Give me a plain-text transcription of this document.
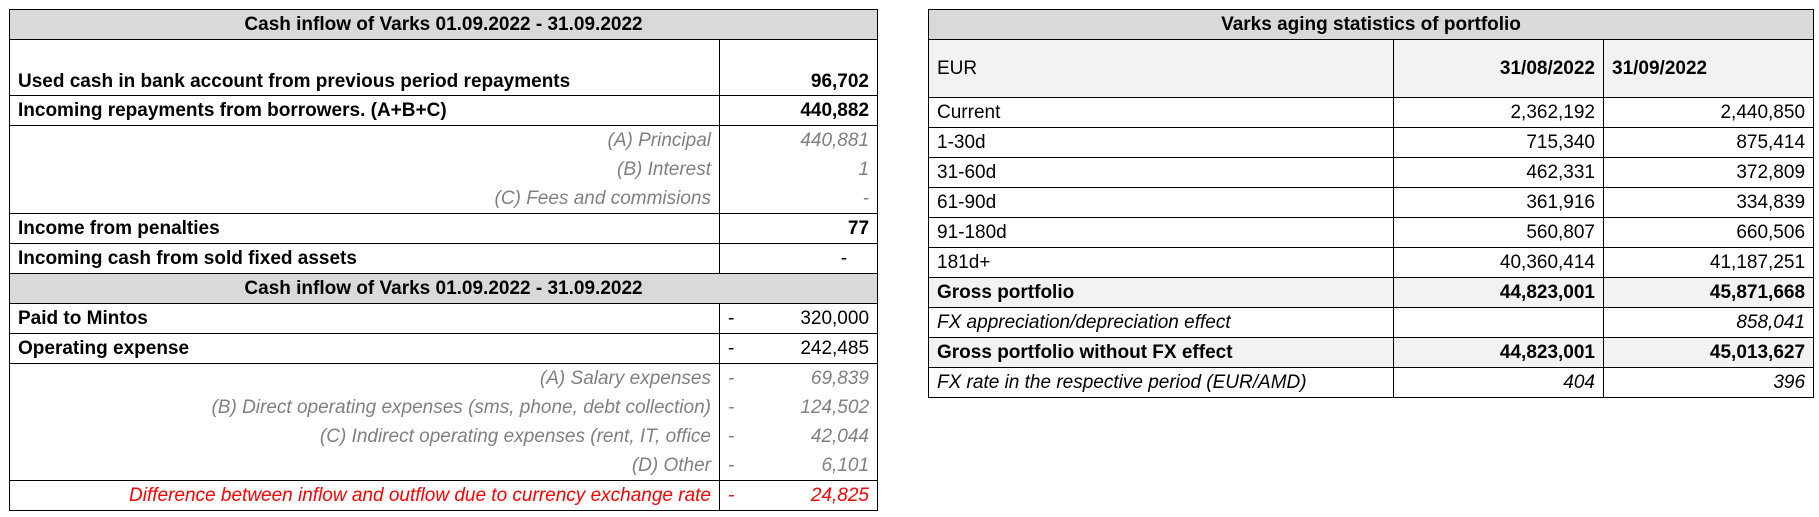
Cash inflow of Varks 01.09.2022 - 31.09.2022		
Used cash in bank account from previous period repayments	96,702	
Incoming repayments from borrowers. (A+B+C)	440,882	
(A) Principal	440,881	
(B) Interest	1	
(C) Fees and commisions	-	
Income from penalties	77	
Incoming cash from sold fixed assets	-	
Cash inflow of Varks 01.09.2022 - 31.09.2022		
Paid to Mintos	-	320,000
Operating expense	-	242,485
(A) Salary expenses	-	69,839
(B) Direct operating expenses (sms, phone, debt collection)	-	124,502
(C) Indirect operating expenses (rent, IT, office	-	42,044
(D) Other	-	6,101
Difference between inflow and outflow due to currency exchange rate	-	24,825
Varks aging statistics of portfolio		
EUR	31/08/2022	31/09/2022
Current	2,362,192	2,440,850
1-30d	715,340	875,414
31-60d	462,331	372,809
61-90d	361,916	334,839
91-180d	560,807	660,506
181d+	40,360,414	41,187,251
Gross portfolio	44,823,001	45,871,668
FX appreciation/depreciation effect		858,041
Gross portfolio without FX effect	44,823,001	45,013,627
FX rate in the respective period (EUR/AMD)	404	396
